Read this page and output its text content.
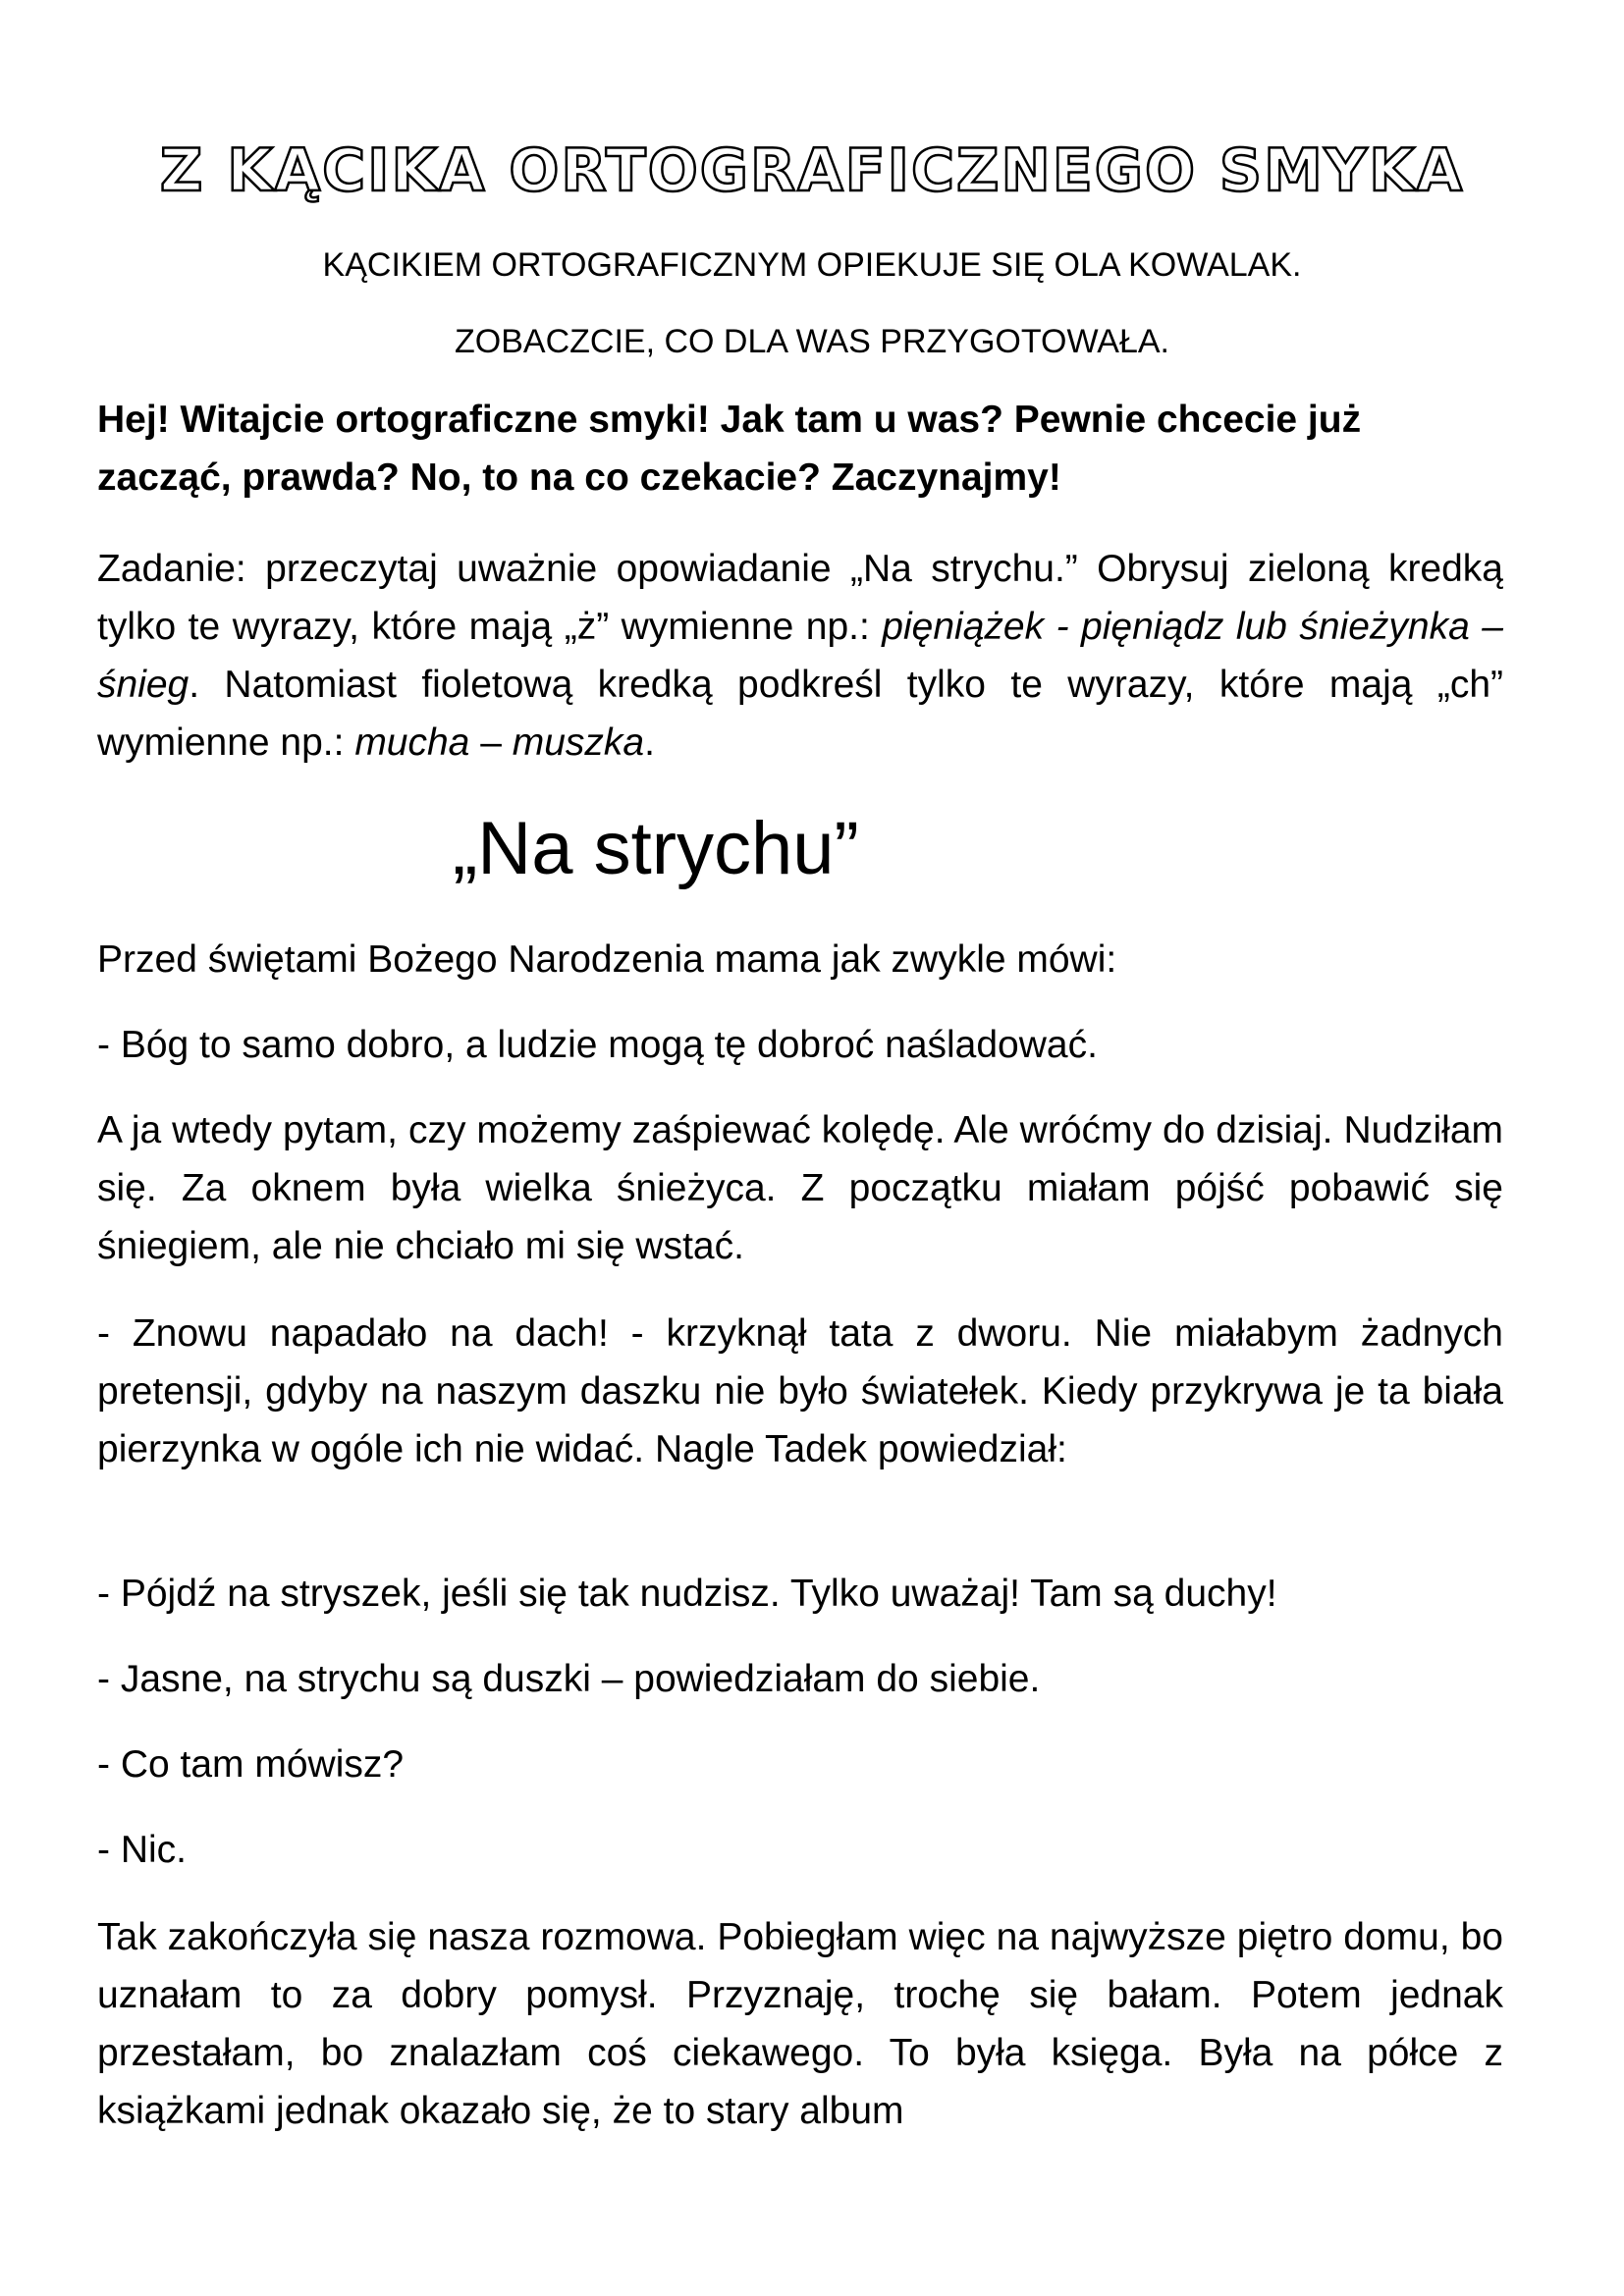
Z KĄCIKA ORTOGRAFICZNEGO SMYKA
KĄCIKIEM ORTOGRAFICZNYM OPIEKUJE SIĘ OLA KOWALAK.
ZOBACZCIE, CO DLA WAS PRZYGOTOWAŁA.

Hej! Witajcie ortograficzne smyki! Jak tam u was? Pewnie chcecie już zacząć, prawda? No, to na co czekacie? Zaczynajmy!

Zadanie: przeczytaj uważnie opowiadanie „Na strychu.” Obrysuj zieloną kredką tylko te wyrazy, które mają „ż” wymienne np.: pięniążek - pięniądz lub śnieżynka – śnieg. Natomiast fioletową kredką podkreśl tylko te wyrazy, które mają „ch” wymienne np.: mucha – muszka.

„Na strychu”

Przed świętami Bożego Narodzenia mama jak zwykle mówi:

- Bóg to samo dobro, a ludzie mogą tę dobroć naśladować.

A ja wtedy pytam, czy możemy zaśpiewać kolędę. Ale wróćmy do dzisiaj. Nudziłam się. Za oknem była wielka śnieżyca. Z początku miałam pójść pobawić się śniegiem, ale nie chciało mi się wstać.

- Znowu napadało na dach! - krzyknął tata z dworu. Nie miałabym żadnych pretensji, gdyby na naszym daszku nie było światełek. Kiedy przykrywa je ta biała pierzynka w ogóle ich nie widać. Nagle Tadek powiedział:

- Pójdź na stryszek, jeśli się tak nudzisz. Tylko uważaj! Tam są duchy!

- Jasne, na strychu są duszki – powiedziałam do siebie.

- Co tam mówisz?

- Nic.

Tak zakończyła się nasza rozmowa. Pobiegłam więc na najwyższe piętro domu, bo uznałam to za dobry pomysł. Przyznaję, trochę się bałam. Potem jednak przestałam, bo znalazłam coś ciekawego. To była księga. Była na półce z książkami jednak okazało się, że to stary album
